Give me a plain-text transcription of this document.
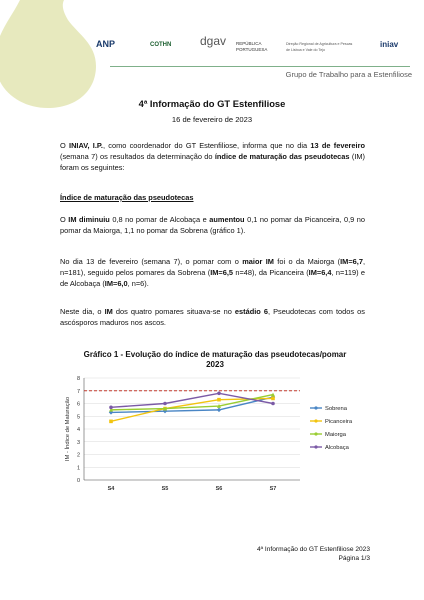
ANP	COTHN dgav REPÚBLICA PORTUGUESA
Direção Regional de Agricultura e Pescas de Lisboa e Vale do Tejo
iniav
Grupo de Trabalho para a Estenfiliose
4ª Informação do GT Estenfiliose
16 de fevereiro de 2023
O INIAV, I.P., como coordenador do GT Estenfiliose, informa que no dia 13 de fevereiro (semana 7) os resultados da determinação do índice de maturação das pseudotecas (IM) foram os seguintes:
Índice de maturação das pseudotecas
O IM diminuiu 0,8 no pomar de Alcobaça e aumentou 0,1 no pomar da Picanceira, 0,9 no pomar da Maiorga, 1,1 no pomar da Sobrena (gráfico 1).
No dia 13 de fevereiro (semana 7), o pomar com o maior IM foi o da Maiorga (IM=6,7, n=181), seguido pelos pomares da Sobrena (IM=6,5 n=48), da Picanceira (IM=6,4, n=119) e de Alcobaça (IM=6,0, n=6).
Neste dia, o IM dos quatro pomares situava-se no estádio 6, Pseudotecas com todos os ascósporos maduros nos ascos.
Gráfico 1 - Evolução do índice de maturação das pseudotecas/pomar 2023
0
1
2
3
4
5
6
7
8
S4	S5	S6	S7
IM - Índice de Maturação	Sobrena
Picanceira
Maiorga
Alcobaça
4ª Informação do GT Estenfiliose 2023
Página 1/3
